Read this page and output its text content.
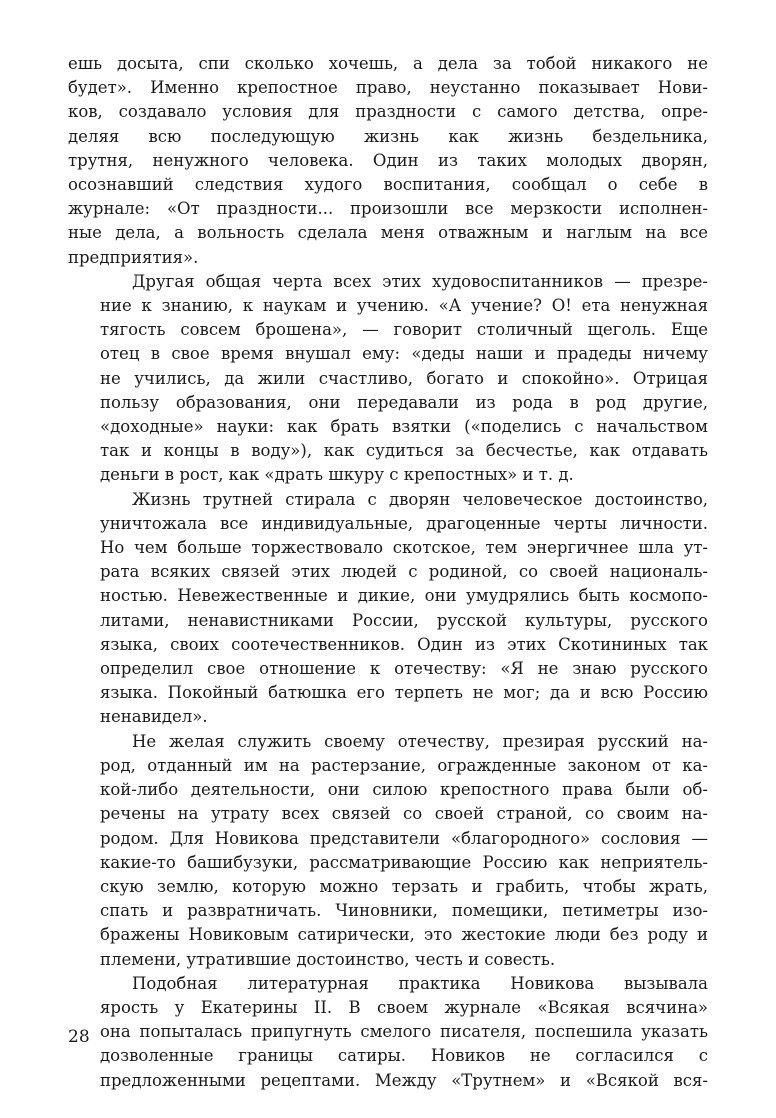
ешь досыта, спи сколько хочешь, а дела за тобой никакого не
будет». Именно крепостное право, неустанно показывает Нови-
ков, создавало условия для праздности с самого детства, опре-
деляя всю последующую жизнь как жизнь бездельника,
трутня, ненужного человека. Один из таких молодых дворян,
осознавший следствия худого воспитания, сообщал о себе в
журнале: «От праздности... произошли все мерзкости исполнен-
ные дела, а вольность сделала меня отважным и наглым на все
предприятия».

Другая общая черта всех этих худовоспитанников — презре-
ние к знанию, к наукам и учению. «А учение? О! ета ненужная
тягость совсем брошена», — говорит столичный щеголь. Еще
отец в свое время внушал ему: «деды наши и прадеды ничему
не учились, да жили счастливо, богато и спокойно». Отрицая
пользу образования, они передавали из рода в род другие,
«доходные» науки: как брать взятки («поделись с начальством
так и концы в воду»), как судиться за бесчестье, как отдавать
деньги в рост, как «драть шкуру с крепостных» и т. д.

Жизнь трутней стирала с дворян человеческое достоинство,
уничтожала все индивидуальные, драгоценные черты личности.
Но чем больше торжествовало скотское, тем энергичнее шла ут-
рата всяких связей этих людей с родиной, со своей националь-
ностью. Невежественные и дикие, они умудрялись быть космопо-
литами, ненавистниками России, русской культуры, русского
языка, своих соотечественников. Один из этих Скотининых так
определил свое отношение к отечеству: «Я не знаю русского
языка. Покойный батюшка его терпеть не мог; да и всю Россию
ненавидел».

Не желая служить своему отечеству, презирая русский на-
род, отданный им на растерзание, огражденные законом от ка-
кой-либо деятельности, они силою крепостного права были об-
речены на утрату всех связей со своей страной, со своим на-
родом. Для Новикова представители «благородного» сословия —
какие-то башибузуки, рассматривающие Россию как неприятель-
скую землю, которую можно терзать и грабить, чтобы жрать,
спать и развратничать. Чиновники, помещики, петиметры изо-
бражены Новиковым сатирически, это жестокие люди без роду и
племени, утратившие достоинство, честь и совесть.

Подобная литературная практика Новикова вызывала
ярость у Екатерины II. В своем журнале «Всякая всячина»
она попыталась припугнуть смелого писателя, поспешила указать
дозволенные границы сатиры. Новиков не согласился с
предложенными рецептами. Между «Трутнем» и «Всякой вся-

28
